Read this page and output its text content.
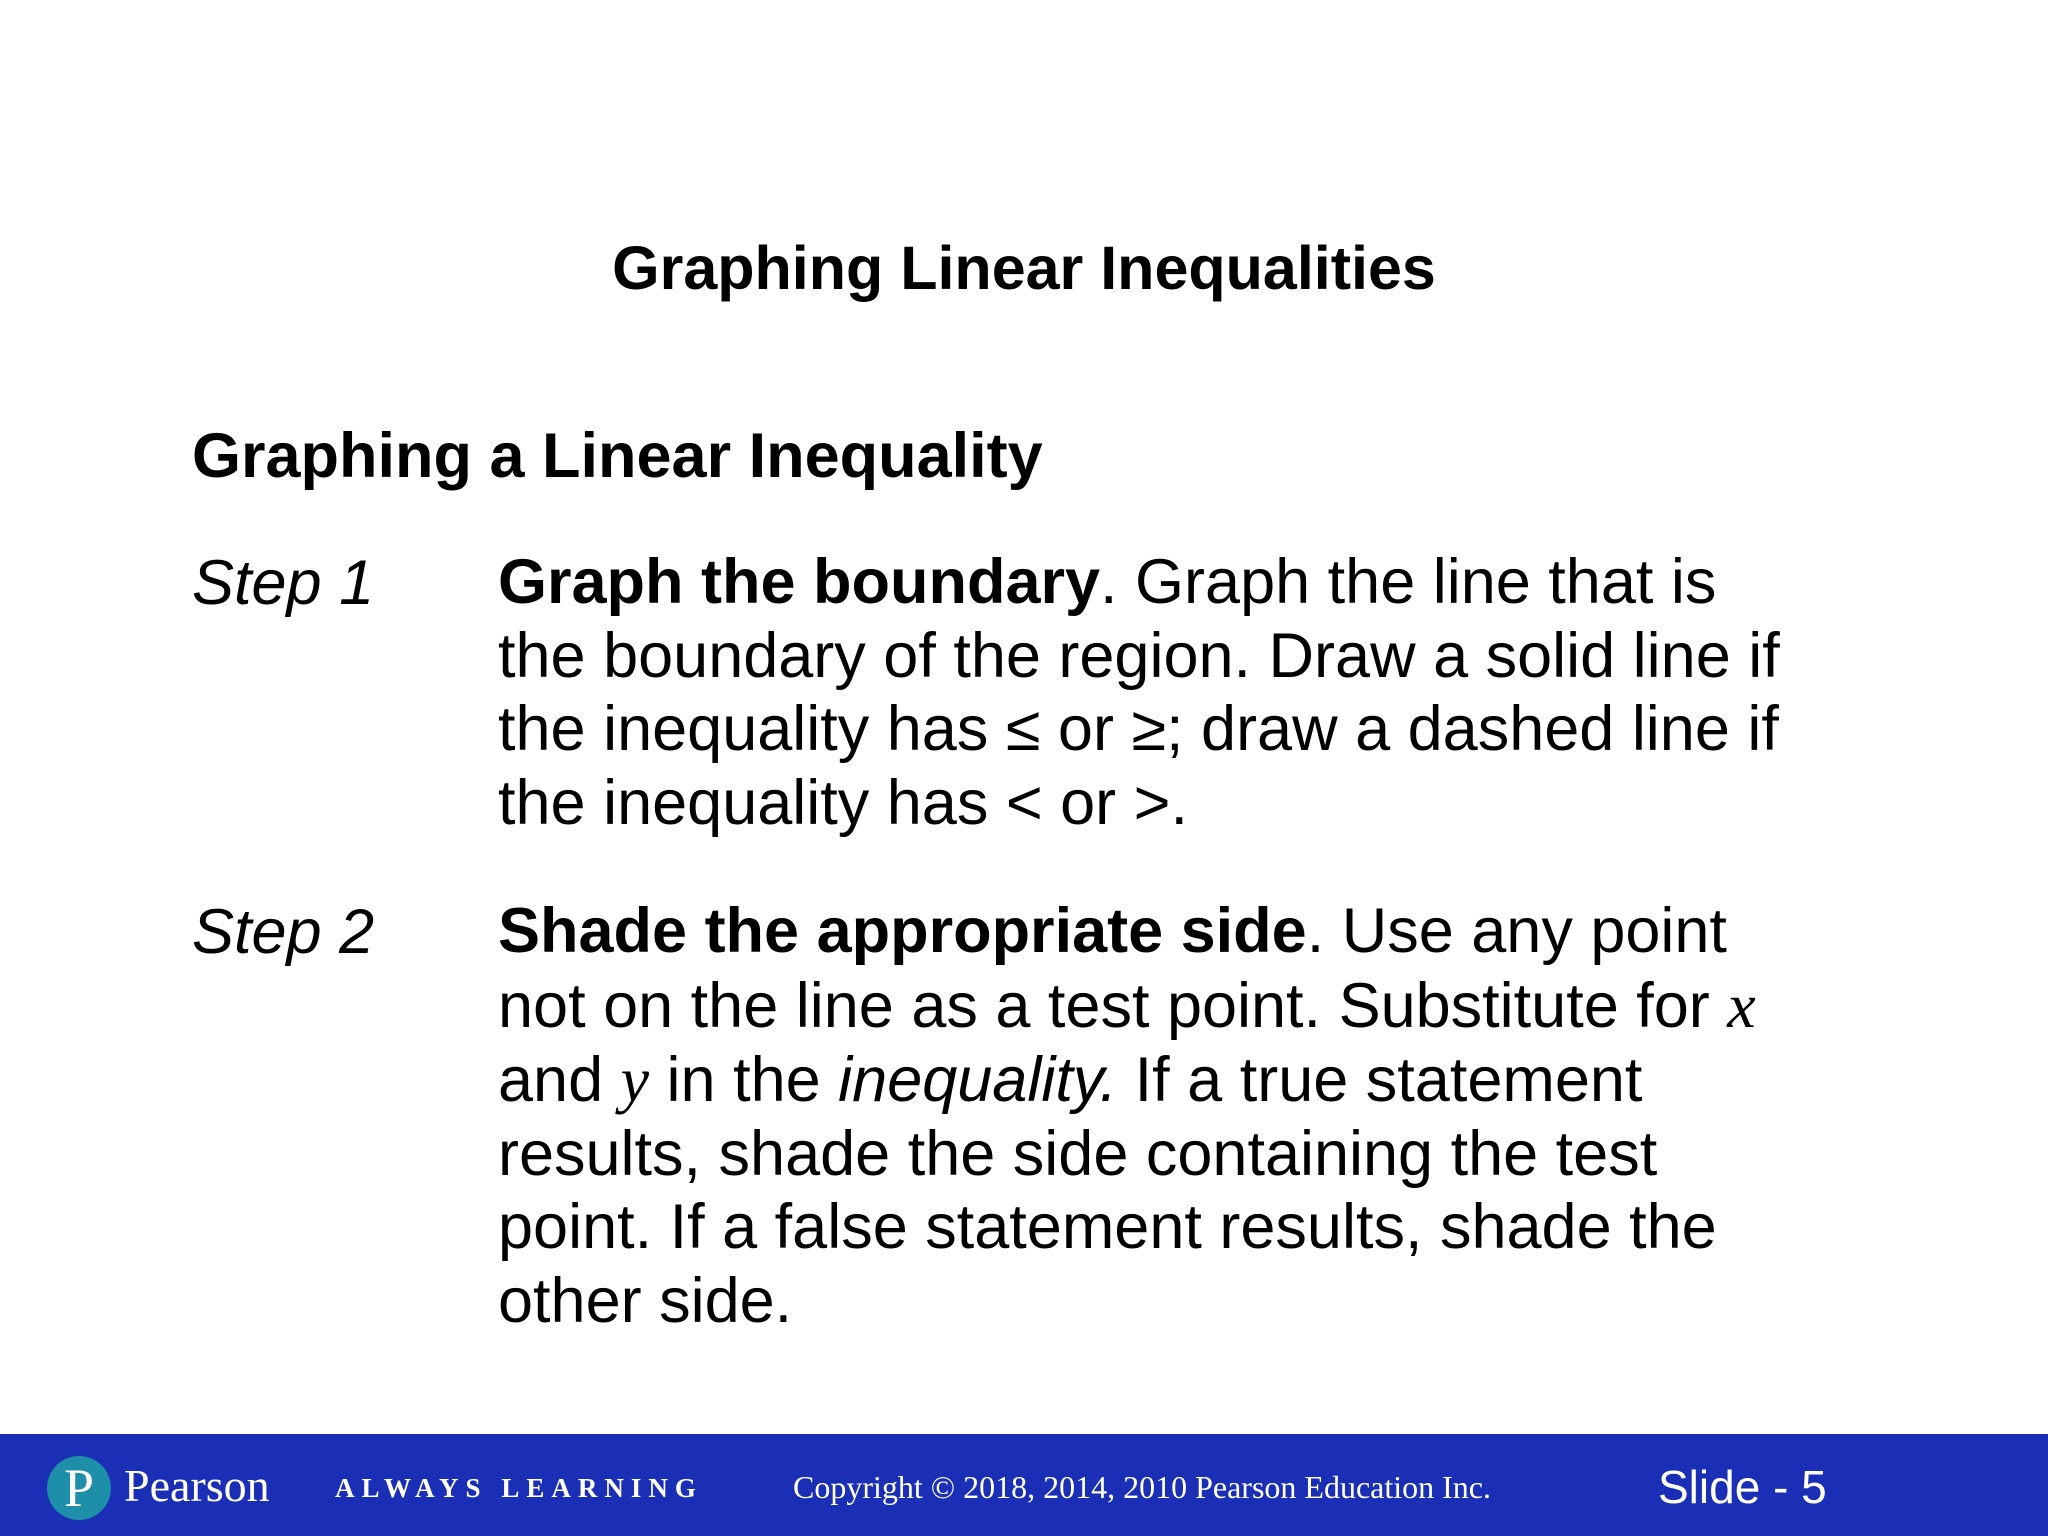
Graphing Linear Inequalities
Graphing a Linear Inequality
Step 1 Graph the boundary. Graph the line that is
the boundary of the region. Draw a solid line if
the inequality has ≤ or ≥; draw a dashed line if
the inequality has < or >.
Step 2 Shade the appropriate side. Use any point
not on the line as a test point. Substitute for x
and y in the inequality. If a true statement
results, shade the side containing the test
point. If a false statement results, shade the
other side.
P Pearson ALWAYS LEARNING	Copyright © 2018, 2014, 2010 Pearson Education Inc.	Slide - 5
